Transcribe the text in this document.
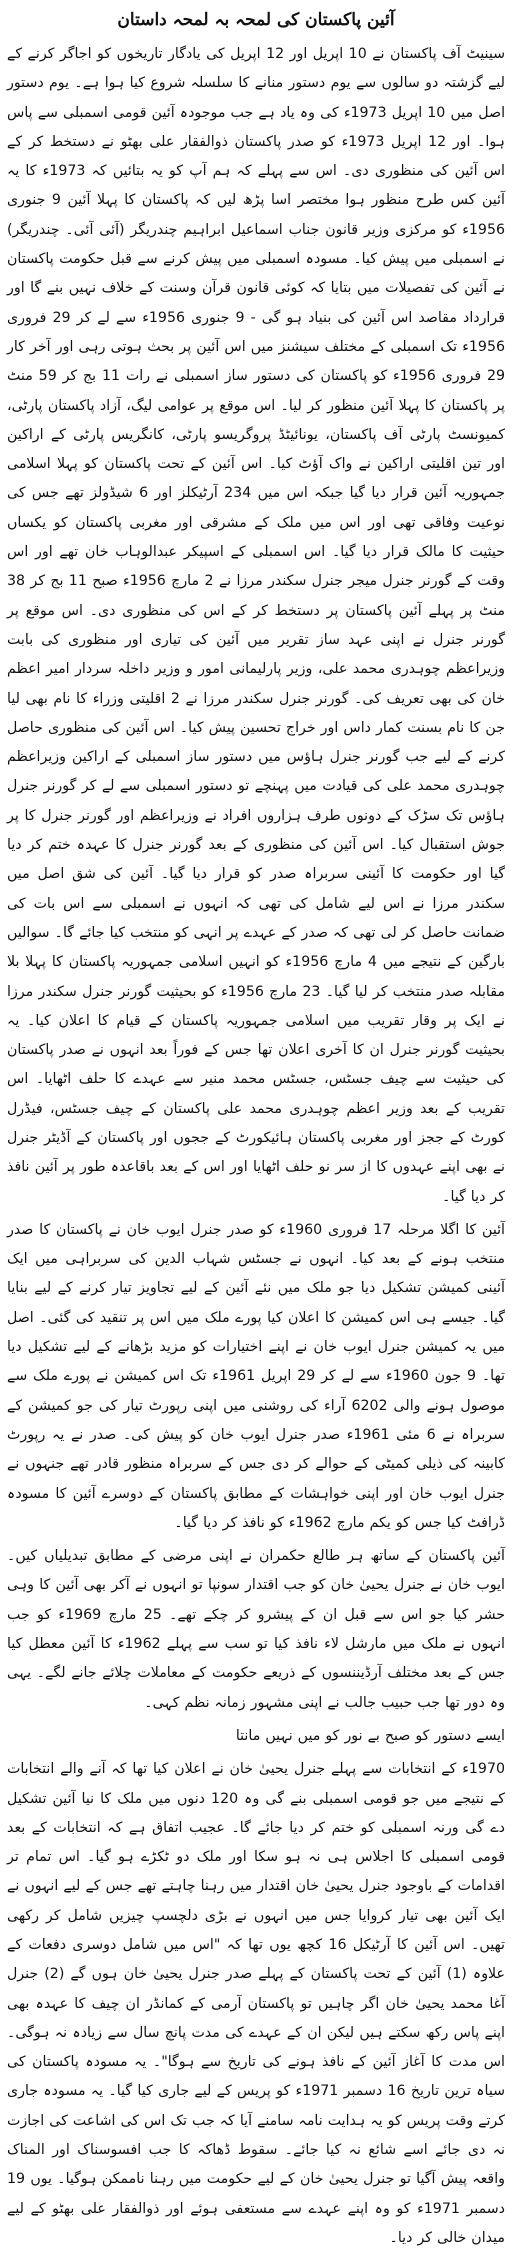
آئین پاکستان کی لمحہ بہ لمحہ داستان

سینیٹ آف پاکستان نے 10 اپریل اور 12 اپریل کی یادگار تاریخوں کو اجاگر کرنے کے لیے گزشتہ دو سالوں سے یوم دستور منانے کا سلسلہ شروع کیا ہوا ہے۔ یوم دستور اصل میں 10 اپریل 1973ء کی وہ یاد ہے جب موجودہ آئین قومی اسمبلی سے پاس ہوا۔ اور 12 اپریل 1973ء کو صدر پاکستان ذوالفقار علی بھٹو نے دستخط کر کے اس آئین کی منظوری دی۔ اس سے پہلے کہ ہم آپ کو یہ بتائیں کہ 1973ء کا یہ آئین کس طرح منظور ہوا مختصر اسا پڑھ لیں کہ پاکستان کا پہلا آئین 9 جنوری 1956ء کو مرکزی وزیر قانون جناب اسماعیل ابراہیم چندریگر (آئی آئی۔ چندریگر) نے اسمبلی میں پیش کیا۔ مسودہ اسمبلی میں پیش کرنے سے قبل حکومت پاکستان نے آئین کی تفصیلات میں بتایا کہ کوئی قانون قرآن وسنت کے خلاف نہیں بنے گا اور قرارداد مقاصد اس آئین کی بنیاد ہو گی - 9 جنوری 1956ء سے لے کر 29 فروری 1956ء تک اسمبلی کے مختلف سیشنز میں اس آئین پر بحث ہوتی رہی اور آخر کار 29 فروری 1956ء کو پاکستان کی دستور ساز اسمبلی نے رات 11 بج کر 59 منٹ پر پاکستان کا پہلا آئین منظور کر لیا۔ اس موقع پر عوامی لیگ، آزاد پاکستان پارٹی، کمیونسٹ پارٹی آف پاکستان، یونائیٹڈ پروگریسو پارٹی، کانگریس پارٹی کے اراکین اور تین اقلیتی اراکین نے واک آؤٹ کیا۔ اس آئین کے تحت پاکستان کو پہلا اسلامی جمہوریہ آئین قرار دیا گیا جبکہ اس میں 234 آرٹیکلز اور 6 شیڈولز تھے جس کی نوعیت وفاقی تھی اور اس میں ملک کے مشرقی اور مغربی پاکستان کو یکساں حیثیت کا مالک قرار دیا گیا۔ اس اسمبلی کے اسپیکر عبدالوہاب خان تھے اور اس وقت کے گورنر جنرل میجر جنرل سکندر مرزا نے 2 مارچ 1956ء صبح 11 بج کر 38 منٹ پر پہلے آئین پاکستان پر دستخط کر کے اس کی منظوری دی۔ اس موقع پر گورنر جنرل نے اپنی عہد ساز تقریر میں آئین کی تیاری اور منظوری کی بابت وزیراعظم چوہدری محمد علی، وزیر پارلیمانی امور و وزیر داخلہ سردار امیر اعظم خان کی بھی تعریف کی۔ گورنر جنرل سکندر مرزا نے 2 اقلیتی وزراء کا نام بھی لیا جن کا نام بسنت کمار داس اور خراج تحسین پیش کیا۔ اس آئین کی منظوری حاصل کرنے کے لیے جب گورنر جنرل ہاؤس میں دستور ساز اسمبلی کے اراکین وزیراعظم چوہدری محمد علی کی قیادت میں پہنچے تو دستور اسمبلی سے لے کر گورنر جنرل ہاؤس تک سڑک کے دونوں طرف ہزاروں افراد نے وزیراعظم اور گورنر جنرل کا پر جوش استقبال کیا۔ اس آئین کی منظوری کے بعد گورنر جنرل کا عہدہ ختم کر دیا گیا اور حکومت کا آئینی سربراہ صدر کو قرار دیا گیا۔ آئین کی شق اصل میں سکندر مرزا نے اس لیے شامل کی تھی کہ انہوں نے اسمبلی سے اس بات کی ضمانت حاصل کر لی تھی کہ صدر کے عہدے پر انہی کو منتخب کیا جائے گا۔ سوالیں بارگین کے نتیجے میں 4 مارچ 1956ء کو انہیں اسلامی جمہوریہ پاکستان کا پہلا بلا مقابلہ صدر منتخب کر لیا گیا۔ 23 مارچ 1956ء کو بحیثیت گورنر جنرل سکندر مرزا نے ایک پر وقار تقریب میں اسلامی جمہوریہ پاکستان کے قیام کا اعلان کیا۔ یہ بحیثیت گورنر جنرل ان کا آخری اعلان تھا جس کے فوراً بعد انہوں نے صدر پاکستان کی حیثیت سے چیف جسٹس، جسٹس محمد منیر سے عہدے کا حلف اٹھایا۔ اس تقریب کے بعد وزیر اعظم چوہدری محمد علی پاکستان کے چیف جسٹس، فیڈرل کورٹ کے ججز اور مغربی پاکستان ہائیکورٹ کے ججوں اور پاکستان کے آڈیٹر جنرل نے بھی اپنے عہدوں کا از سر نو حلف اٹھایا اور اس کے بعد باقاعدہ طور پر آئین نافذ کر دیا گیا۔

آئین کا اگلا مرحلہ 17 فروری 1960ء کو صدر جنرل ایوب خان نے پاکستان کا صدر منتخب ہونے کے بعد کیا۔ انہوں نے جسٹس شہاب الدین کی سربراہی میں ایک آئینی کمیشن تشکیل دیا جو ملک میں نئے آئین کے لیے تجاویز تیار کرنے کے لیے بنایا گیا۔ جیسے ہی اس کمیشن کا اعلان کیا پورے ملک میں اس پر تنقید کی گئی۔ اصل میں یہ کمیشن جنرل ایوب خان نے اپنے اختیارات کو مزید بڑھانے کے لیے تشکیل دیا تھا۔ 9 جون 1960ء سے لے کر 29 اپریل 1961ء تک اس کمیشن نے پورے ملک سے موصول ہونے والی 6202 آراء کی روشنی میں اپنی رپورٹ تیار کی جو کمیشن کے سربراہ نے 6 مئی 1961ء صدر جنرل ایوب خان کو پیش کی۔ صدر نے یہ رپورٹ کابینہ کی ذیلی کمیٹی کے حوالے کر دی جس کے سربراہ منظور قادر تھے جنہوں نے جنرل ایوب خان اور اپنی خواہشات کے مطابق پاکستان کے دوسرے آئین کا مسودہ ڈرافٹ کیا جس کو یکم مارچ 1962ء کو نافذ کر دیا گیا۔

آئین پاکستان کے ساتھ ہر طالع حکمران نے اپنی مرضی کے مطابق تبدیلیاں کیں۔ ایوب خان نے جنرل یحییٰ خان کو جب اقتدار سونپا تو انہوں نے آکر بھی آئین کا وہی حشر کیا جو اس سے قبل ان کے پیشرو کر چکے تھے۔ 25 مارچ 1969ء کو جب انہوں نے ملک میں مارشل لاء نافذ کیا تو سب سے پہلے 1962ء کا آئین معطل کیا جس کے بعد مختلف آرڈیننسوں کے ذریعے حکومت کے معاملات چلائے جانے لگے۔ یہی وہ دور تھا جب حبیب جالب نے اپنی مشہور زمانہ نظم کہی۔

ایسے دستور کو صبح بے نور کو میں نہیں مانتا

1970ء کے انتخابات سے پہلے جنرل یحییٰ خان نے اعلان کیا تھا کہ آنے والے انتخابات کے نتیجے میں جو قومی اسمبلی بنے گی وہ 120 دنوں میں ملک کا نیا آئین تشکیل دے گی ورنہ اسمبلی کو ختم کر دیا جائے گا۔ عجیب اتفاق ہے کہ انتخابات کے بعد قومی اسمبلی کا اجلاس ہی نہ ہو سکا اور ملک دو ٹکڑے ہو گیا۔ اس تمام تر اقدامات کے باوجود جنرل یحییٰ خان اقتدار میں رہنا چاہتے تھے جس کے لیے انہوں نے ایک آئین بھی تیار کروایا جس میں انہوں نے بڑی دلچسپ چیزیں شامل کر رکھی تھیں۔ اس آئین کا آرٹیکل 16 کچھ یوں تھا کہ "اس میں شامل دوسری دفعات کے علاوہ (1) آئین کے تحت پاکستان کے پہلے صدر جنرل یحییٰ خان ہوں گے (2) جنرل آغا محمد یحییٰ خان اگر چاہیں تو پاکستان آرمی کے کمانڈر ان چیف کا عہدہ بھی اپنے پاس رکھ سکتے ہیں لیکن ان کے عہدے کی مدت پانچ سال سے زیادہ نہ ہوگی۔ اس مدت کا آغاز آئین کے نافذ ہونے کی تاریخ سے ہوگا"۔ یہ مسودہ پاکستان کی سیاہ ترین تاریخ 16 دسمبر 1971ء کو پریس کے لیے جاری کیا گیا۔ یہ مسودہ جاری کرتے وقت پریس کو یہ ہدایت نامہ سامنے آیا کہ جب تک اس کی اشاعت کی اجازت نہ دی جائے اسے شائع نہ کیا جائے۔ سقوط ڈھاکہ کا جب افسوسناک اور المناک واقعہ پیش آگیا تو جنرل یحییٰ خان کے لیے حکومت میں رہنا ناممکن ہوگیا۔ یوں 19 دسمبر 1971ء کو وہ اپنے عہدے سے مستعفی ہوئے اور ذوالفقار علی بھٹو کے لیے میدان خالی کر دیا۔
